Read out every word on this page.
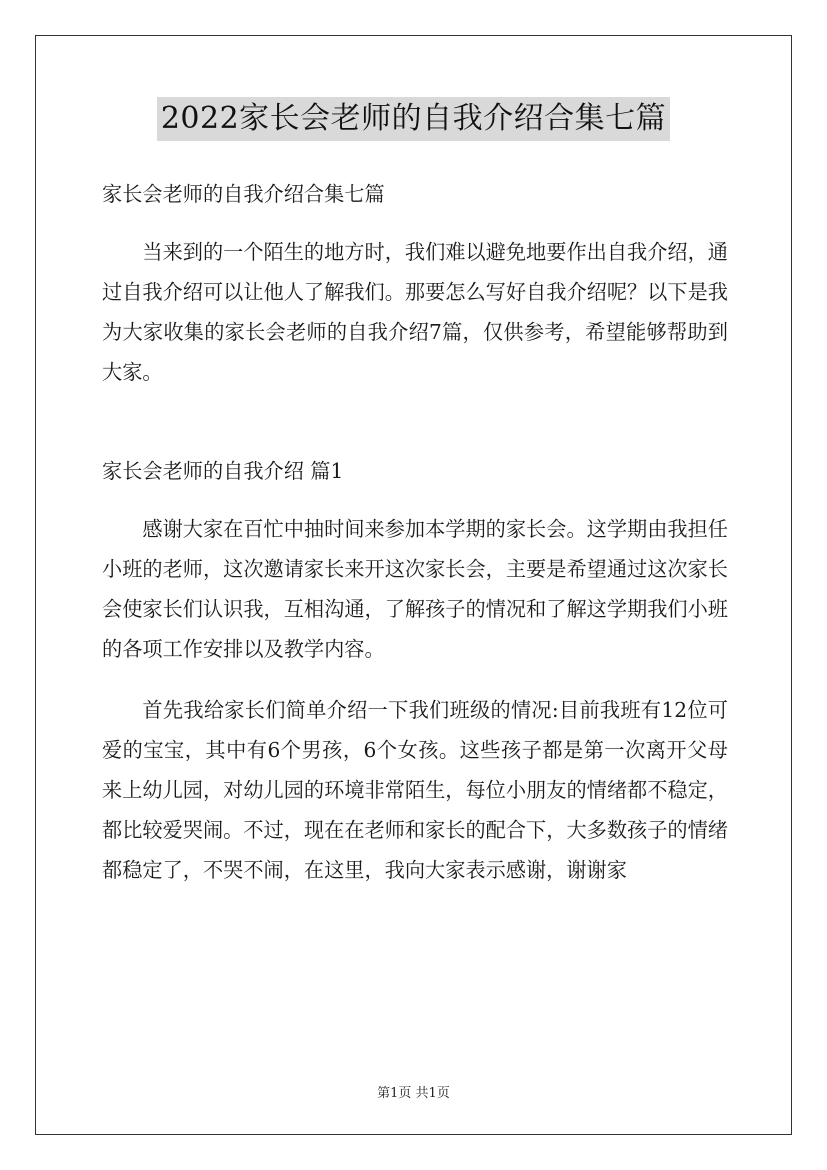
2022家长会老师的自我介绍合集七篇
家长会老师的自我介绍合集七篇

当来到的一个陌生的地方时，我们难以避免地要作出自我介绍，通过自我介绍可以让他人了解我们。那要怎么写好自我介绍呢？以下是我为大家收集的家长会老师的自我介绍7篇，仅供参考，希望能够帮助到大家。

家长会老师的自我介绍 篇1

感谢大家在百忙中抽时间来参加本学期的家长会。这学期由我担任小班的老师，这次邀请家长来开这次家长会，主要是希望通过这次家长会使家长们认识我，互相沟通，了解孩子的情况和了解这学期我们小班的各项工作安排以及教学内容。

首先我给家长们简单介绍一下我们班级的情况:目前我班有12位可爱的宝宝，其中有6个男孩，6个女孩。这些孩子都是第一次离开父母来上幼儿园，对幼儿园的环境非常陌生，每位小朋友的情绪都不稳定，都比较爱哭闹。不过，现在在老师和家长的配合下，大多数孩子的情绪都稳定了，不哭不闹，在这里，我向大家表示感谢，谢谢家

第1页 共1页
